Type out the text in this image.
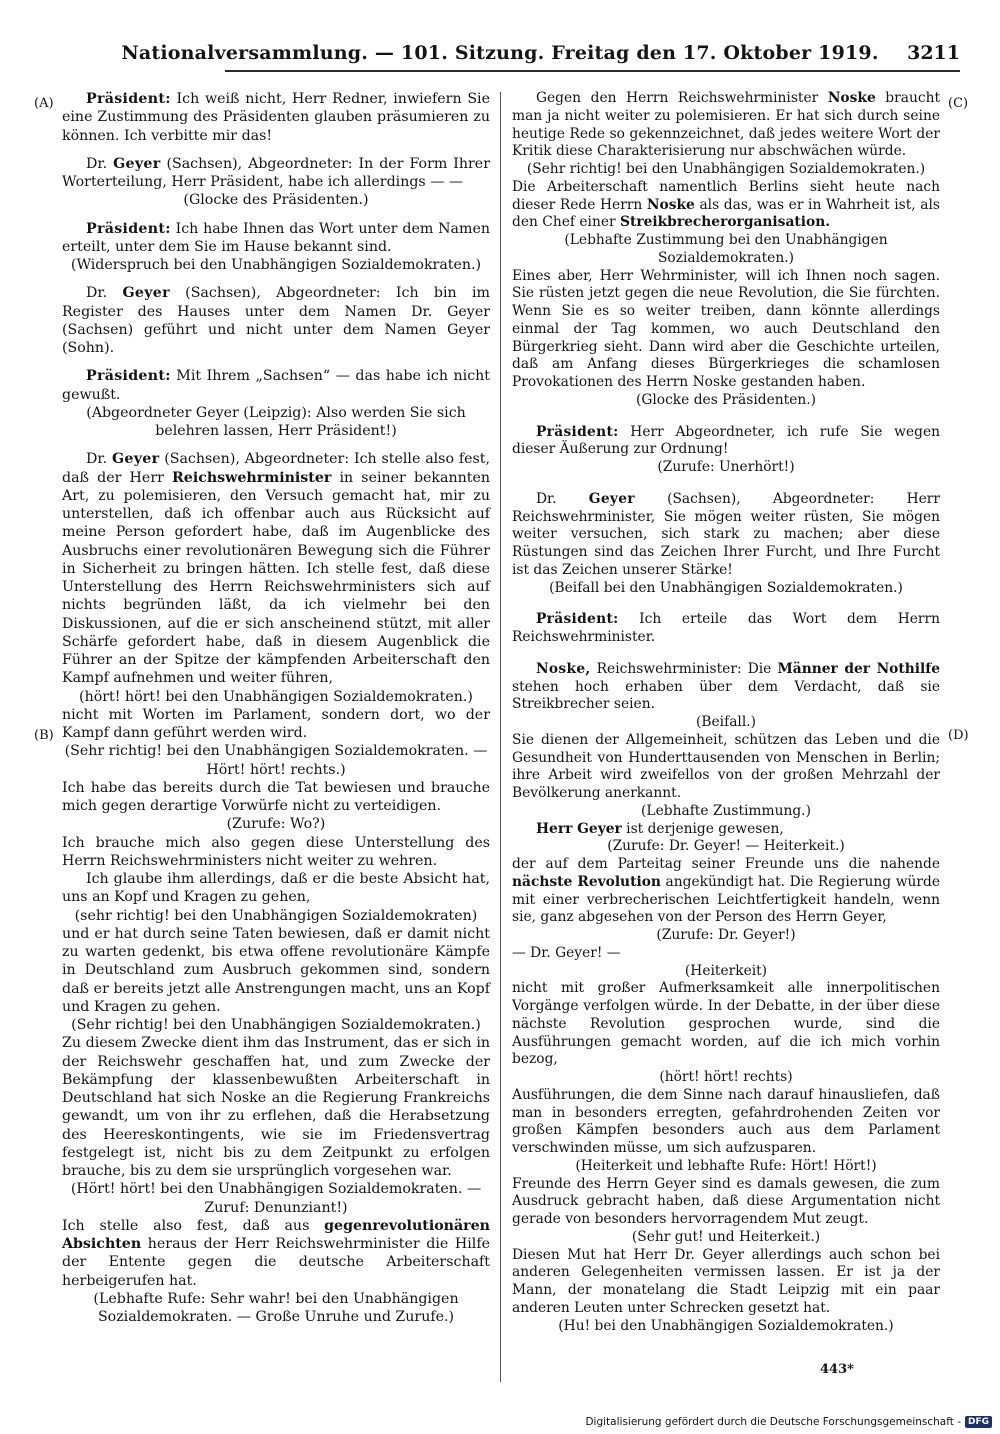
Nationalversammlung. — 101. Sitzung. Freitag den 17. Oktober 1919.	3211
(A)
(B)
(C)
(D)

Präsident: Ich weiß nicht, Herr Redner, inwiefern Sie eine Zustimmung des Präsidenten glauben präsumieren zu können. Ich verbitte mir das!

Dr. Geyer (Sachsen), Abgeordneter: In der Form Ihrer Worterteilung, Herr Präsident, habe ich allerdings — —

(Glocke des Präsidenten.)

Präsident: Ich habe Ihnen das Wort unter dem Namen erteilt, unter dem Sie im Hause bekannt sind.

(Widerspruch bei den Unabhängigen Sozialdemokraten.)

Dr. Geyer (Sachsen), Abgeordneter: Ich bin im Register des Hauses unter dem Namen Dr. Geyer (Sachsen) geführt und nicht unter dem Namen Geyer (Sohn).

Präsident: Mit Ihrem „Sachsen“ — das habe ich nicht gewußt.

(Abgeordneter Geyer (Leipzig): Also werden Sie sich belehren lassen, Herr Präsident!)

Dr. Geyer (Sachsen), Abgeordneter: Ich stelle also fest, daß der Herr Reichswehrminister in seiner bekannten Art, zu polemisieren, den Versuch gemacht hat, mir zu unterstellen, daß ich offenbar auch aus Rücksicht auf meine Person gefordert habe, daß im Augenblicke des Ausbruchs einer revolutionären Bewegung sich die Führer in Sicherheit zu bringen hätten. Ich stelle fest, daß diese Unterstellung des Herrn Reichswehrministers sich auf nichts begründen läßt, da ich vielmehr bei den Diskussionen, auf die er sich anscheinend stützt, mit aller Schärfe gefordert habe, daß in diesem Augenblick die Führer an der Spitze der kämpfenden Arbeiterschaft den Kampf aufnehmen und weiter führen,

(hört! hört! bei den Unabhängigen Sozialdemokraten.)

nicht mit Worten im Parlament, sondern dort, wo der Kampf dann geführt werden wird.

(Sehr richtig! bei den Unabhängigen Sozialdemokraten. — Hört! hört! rechts.)

Ich habe das bereits durch die Tat bewiesen und brauche mich gegen derartige Vorwürfe nicht zu verteidigen.

(Zurufe: Wo?)

Ich brauche mich also gegen diese Unterstellung des Herrn Reichswehrministers nicht weiter zu wehren.

Ich glaube ihm allerdings, daß er die beste Absicht hat, uns an Kopf und Kragen zu gehen,

(sehr richtig! bei den Unabhängigen Sozialdemokraten)

und er hat durch seine Taten bewiesen, daß er damit nicht zu warten gedenkt, bis etwa offene revolutionäre Kämpfe in Deutschland zum Ausbruch gekommen sind, sondern daß er bereits jetzt alle Anstrengungen macht, uns an Kopf und Kragen zu gehen.

(Sehr richtig! bei den Unabhängigen Sozialdemokraten.)

Zu diesem Zwecke dient ihm das Instrument, das er sich in der Reichswehr geschaffen hat, und zum Zwecke der Bekämpfung der klassenbewußten Arbeiterschaft in Deutschland hat sich Noske an die Regierung Frankreichs gewandt, um von ihr zu erflehen, daß die Herabsetzung des Heereskontingents, wie sie im Friedensvertrag festgelegt ist, nicht bis zu dem Zeitpunkt zu erfolgen brauche, bis zu dem sie ursprünglich vorgesehen war.

(Hört! hört! bei den Unabhängigen Sozialdemokraten. — Zuruf: Denunziant!)

Ich stelle also fest, daß aus gegenrevolutionären Absichten heraus der Herr Reichswehrminister die Hilfe der Entente gegen die deutsche Arbeiterschaft herbeigerufen hat.

(Lebhafte Rufe: Sehr wahr! bei den Unabhängigen Sozialdemokraten. — Große Unruhe und Zurufe.)

Gegen den Herrn Reichswehrminister Noske braucht man ja nicht weiter zu polemisieren. Er hat sich durch seine heutige Rede so gekennzeichnet, daß jedes weitere Wort der Kritik diese Charakterisierung nur abschwächen würde.

(Sehr richtig! bei den Unabhängigen Sozialdemokraten.)

Die Arbeiterschaft namentlich Berlins sieht heute nach dieser Rede Herrn Noske als das, was er in Wahrheit ist, als den Chef einer Streikbrecherorganisation.

(Lebhafte Zustimmung bei den Unabhängigen Sozialdemokraten.)

Eines aber, Herr Wehrminister, will ich Ihnen noch sagen. Sie rüsten jetzt gegen die neue Revolution, die Sie fürchten. Wenn Sie es so weiter treiben, dann könnte allerdings einmal der Tag kommen, wo auch Deutschland den Bürgerkrieg sieht. Dann wird aber die Geschichte urteilen, daß am Anfang dieses Bürgerkrieges die schamlosen Provokationen des Herrn Noske gestanden haben.

(Glocke des Präsidenten.)

Präsident: Herr Abgeordneter, ich rufe Sie wegen dieser Äußerung zur Ordnung!

(Zurufe: Unerhört!)

Dr. Geyer (Sachsen), Abgeordneter: Herr Reichswehrminister, Sie mögen weiter rüsten, Sie mögen weiter versuchen, sich stark zu machen; aber diese Rüstungen sind das Zeichen Ihrer Furcht, und Ihre Furcht ist das Zeichen unserer Stärke!

(Beifall bei den Unabhängigen Sozialdemokraten.)

Präsident: Ich erteile das Wort dem Herrn Reichswehrminister.

Noske, Reichswehrminister: Die Männer der Nothilfe stehen hoch erhaben über dem Verdacht, daß sie Streikbrecher seien.

(Beifall.)

Sie dienen der Allgemeinheit, schützen das Leben und die Gesundheit von Hunderttausenden von Menschen in Berlin; ihre Arbeit wird zweifellos von der großen Mehrzahl der Bevölkerung anerkannt.

(Lebhafte Zustimmung.)

Herr Geyer ist derjenige gewesen,

(Zurufe: Dr. Geyer! — Heiterkeit.)

der auf dem Parteitag seiner Freunde uns die nahende nächste Revolution angekündigt hat. Die Regierung würde mit einer verbrecherischen Leichtfertigkeit handeln, wenn sie, ganz abgesehen von der Person des Herrn Geyer,

(Zurufe: Dr. Geyer!)

— Dr. Geyer! —

(Heiterkeit)

nicht mit großer Aufmerksamkeit alle innerpolitischen Vorgänge verfolgen würde. In der Debatte, in der über diese nächste Revolution gesprochen wurde, sind die Ausführungen gemacht worden, auf die ich mich vorhin bezog,

(hört! hört! rechts)

Ausführungen, die dem Sinne nach darauf hinausliefen, daß man in besonders erregten, gefahrdrohenden Zeiten vor großen Kämpfen besonders auch aus dem Parlament verschwinden müsse, um sich aufzusparen.

(Heiterkeit und lebhafte Rufe: Hört! Hört!)

Freunde des Herrn Geyer sind es damals gewesen, die zum Ausdruck gebracht haben, daß diese Argumentation nicht gerade von besonders hervorragendem Mut zeugt.

(Sehr gut! und Heiterkeit.)

Diesen Mut hat Herr Dr. Geyer allerdings auch schon bei anderen Gelegenheiten vermissen lassen. Er ist ja der Mann, der monatelang die Stadt Leipzig mit ein paar anderen Leuten unter Schrecken gesetzt hat.

(Hu! bei den Unabhängigen Sozialdemokraten.)

443*
Digitalisierung gefördert durch die Deutsche Forschungsgemeinschaft - DFG
